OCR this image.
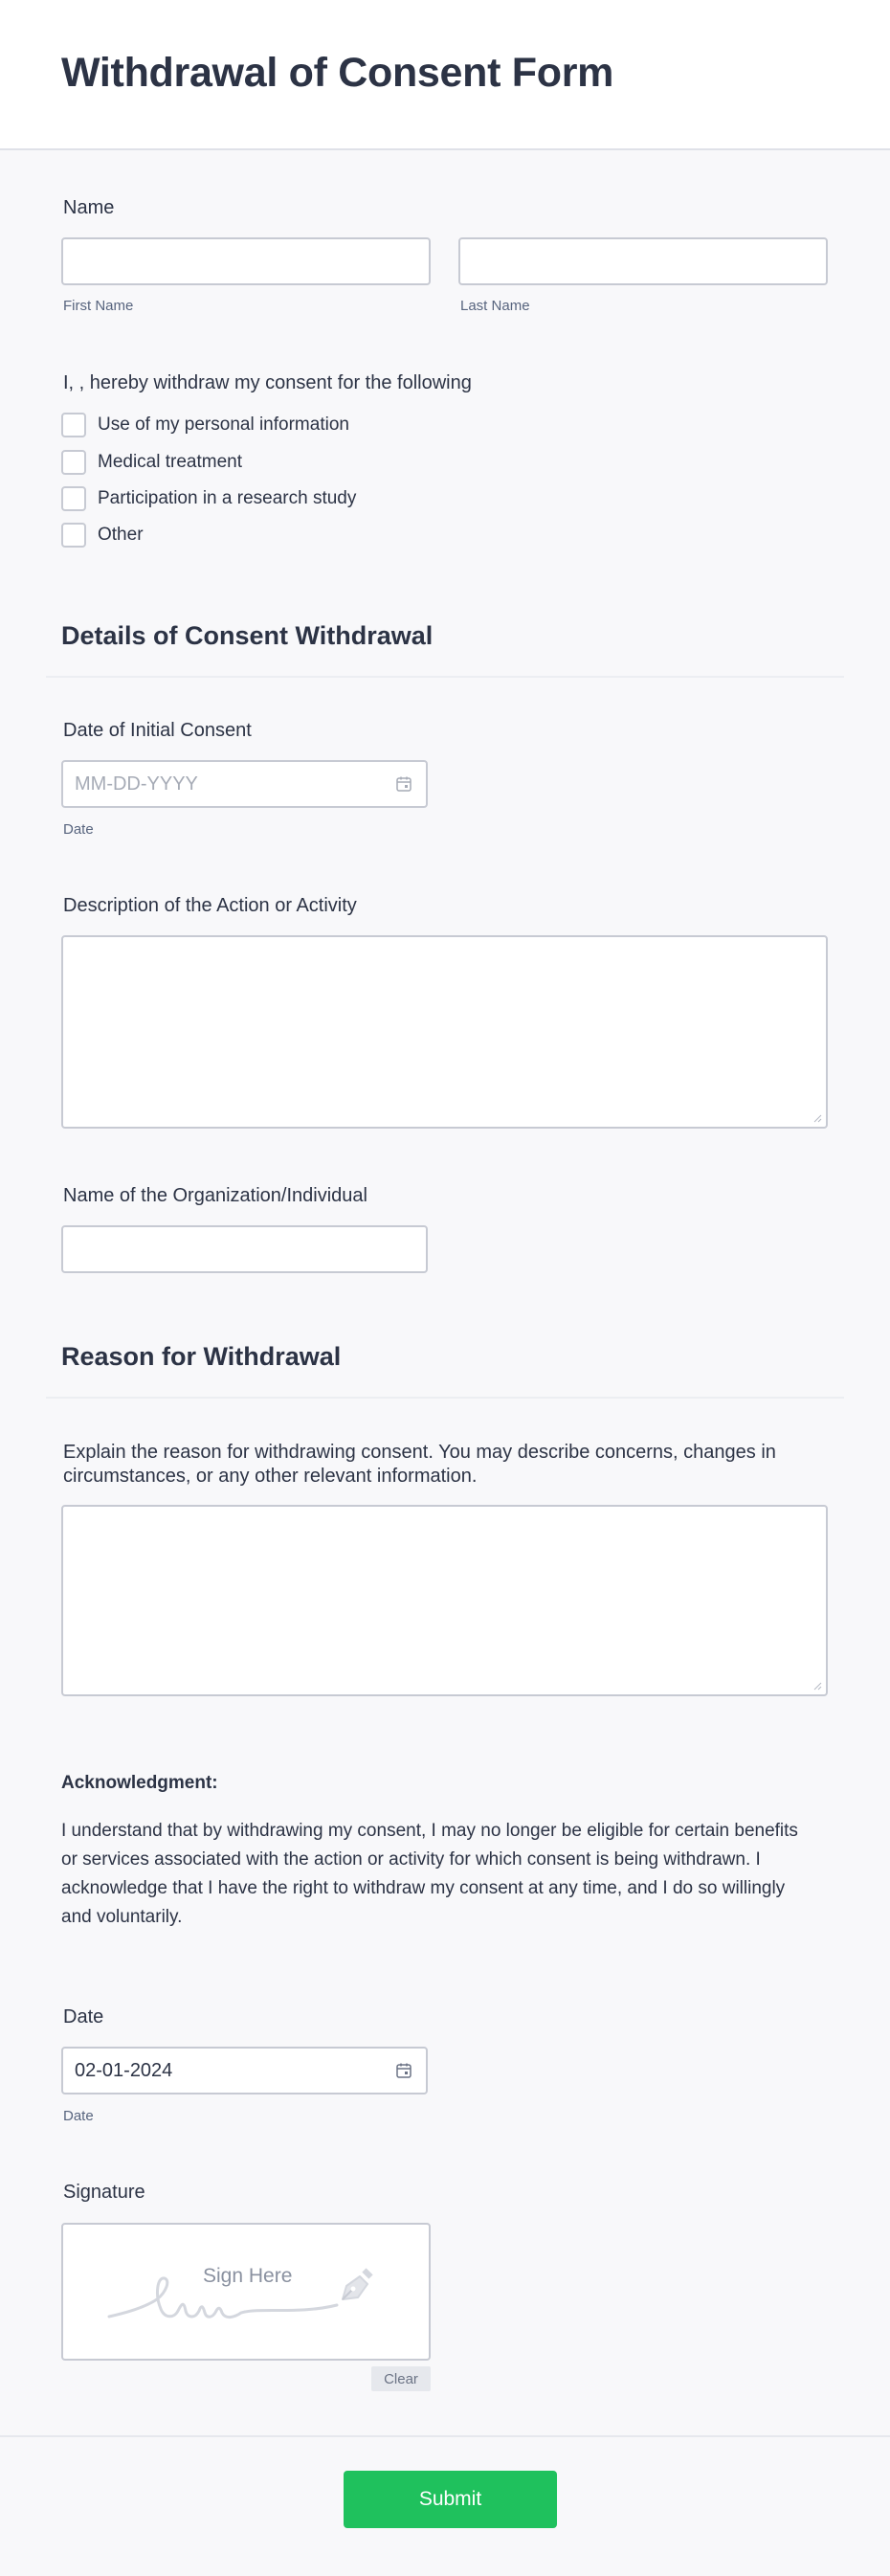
Withdrawal of Consent Form
Name
First Name	Last Name
I, , hereby withdraw my consent for the following
Use of my personal information
Medical treatment
Participation in a research study
Other
Details of Consent Withdrawal
Date of Initial Consent
MM-DD-YYYY
Date
Description of the Action or Activity
Name of the Organization/Individual
Reason for Withdrawal
Explain the reason for withdrawing consent. You may describe concerns, changes in circumstances, or any other relevant information.
Acknowledgment:
I understand that by withdrawing my consent, I may no longer be eligible for certain benefits or services associated with the action or activity for which consent is being withdrawn. I acknowledge that I have the right to withdraw my consent at any time, and I do so willingly and voluntarily.
Date
02-01-2024
Date
Signature
Sign Here
Clear
Submit
